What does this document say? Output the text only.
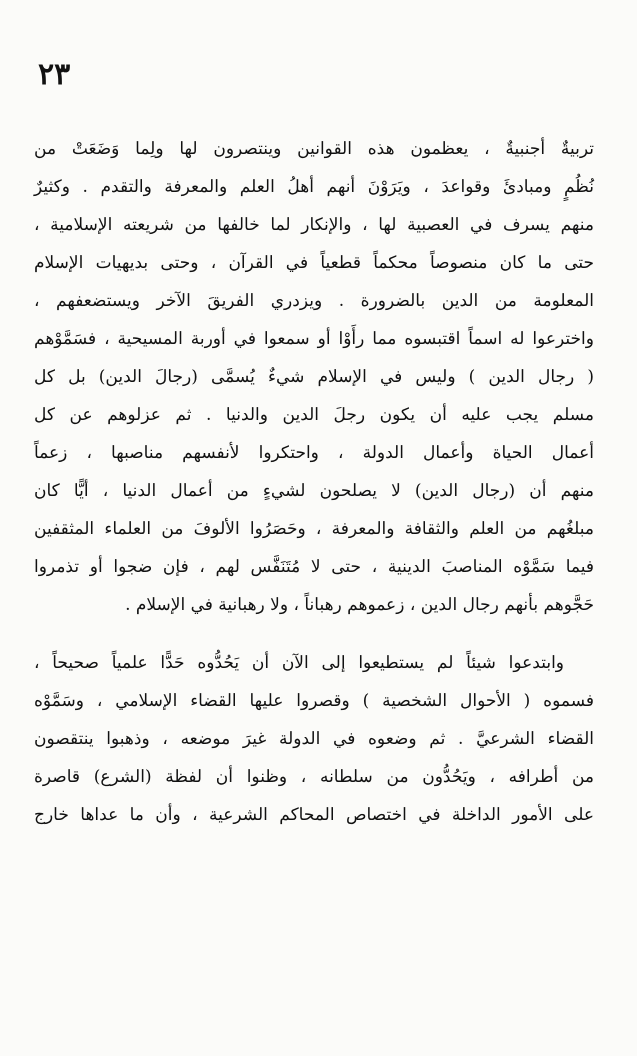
٢٣
تربيةٌ أجنبيةٌ ، يعظمون هذه القوانين وينتصرون لها ولِما وَضَعَتْ من
نُظُمٍ ومبادئَ وقواعدَ ، ويَرَوْنَ أنهم أهلُ العلم والمعرفة والتقدم . وكثيرٌ
منهم يسرف في العصبية لها ، والإنكار لما خالفها من شريعته الإسلامية ،
حتى ما كان منصوصاً محكماً قطعياً في القرآن ، وحتى بديهيات الإسلام
المعلومة من الدين بالضرورة . ويزدري الفريقَ الآخر ويستضعفهم ،
واخترعوا له اسماً اقتبسوه مما رأَوْا أو سمعوا في أوربة المسيحية ، فسَمَّوْهم
( رجال الدين ) وليس في الإسلام شيءٌ يُسمَّى (رجالَ الدين) بل كل
مسلم يجب عليه أن يكون رجلَ الدين والدنيا . ثم عزلوهم عن كل
أعمال الحياة وأعمال الدولة ، واحتكروا لأنفسهم مناصبها ، زعماً
منهم أن (رجال الدين) لا يصلحون لشيءٍ من أعمال الدنيا ، أيًّا كان
مبلغُهم من العلم والثقافة والمعرفة ، وحَصَرُوا الألوفَ من العلماء المثقفين
فيما سَمَّوْه المناصبَ الدينية ، حتى لا مُتَنَفَّس لهم ، فإن ضجوا أو تذمروا
حَجَّوهم بأنهم رجال الدين ، زعموهم رهباناً ، ولا رهبانية في الإسلام .
وابتدعوا شيئاً لم يستطيعوا إلى الآن أن يَحُدُّوه حَدًّا علمياً صحيحاً ،
فسموه ( الأحوال الشخصية ) وقصروا عليها القضاء الإسلامي ، وسَمَّوْه
القضاء الشرعيَّ . ثم وضعوه في الدولة غيرَ موضعه ، وذهبوا ينتقصون
من أطرافه ، ويَحُدُّون من سلطانه ، وظنوا أن لفظة (الشرع) قاصرة
على الأمور الداخلة في اختصاص المحاكم الشرعية ، وأن ما عداها خارج
